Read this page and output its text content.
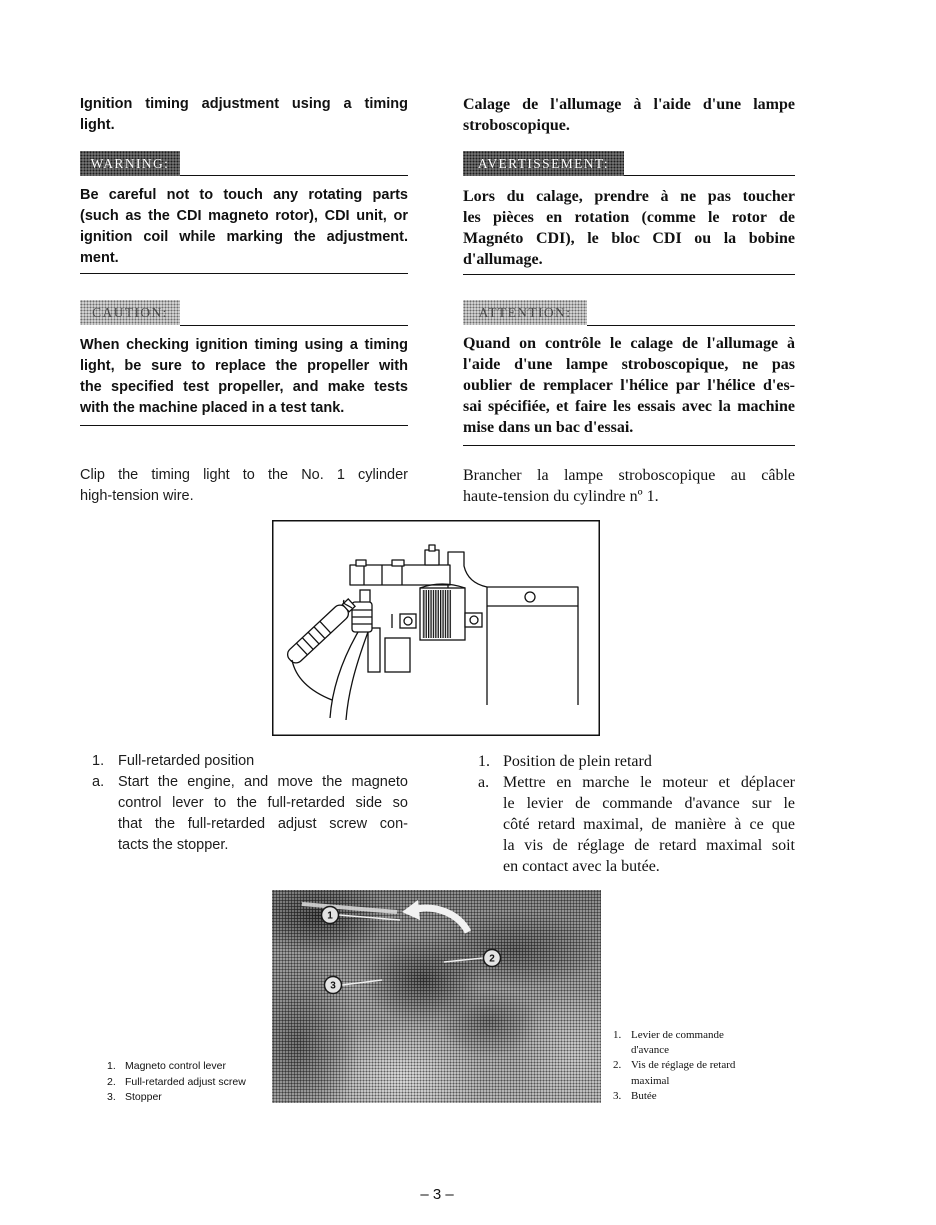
Ignition timing adjustment using a timing
light.
Calage de l'allumage à l'aide d'une lampe
stroboscopique.
WARNING:
Be careful not to touch any rotating parts
(such as the CDI magneto rotor), CDI unit, or
ignition coil while marking the adjustment.
ment.
AVERTISSEMENT:
Lors du calage, prendre à ne pas toucher
les pièces en rotation (comme le rotor de
Magnéto CDI), le bloc CDI ou la bobine
d'allumage.
CAUTION:
When checking ignition timing using a timing
light, be sure to replace the propeller with
the specified test propeller, and make tests
with the machine placed in a test tank.
ATTENTION:
Quand on contrôle le calage de l'allumage à
l'aide d'une lampe stroboscopique, ne pas
oublier de remplacer l'hélice par l'hélice d'es-
sai spécifiée, et faire les essais avec la machine
mise dans un bac d'essai.
Clip the timing light to the No. 1 cylinder
high-tension wire.
Brancher la lampe stroboscopique au câble
haute-tension du cylindre nº 1.
1. Full-retarded position
a. Start the engine, and move the magneto
control lever to the full-retarded side so
that the full-retarded adjust screw con-
tacts the stopper.
1. Position de plein retard
a. Mettre en marche le moteur et déplacer
le levier de commande d'avance sur le
côté retard maximal, de manière à ce que
la vis de réglage de retard maximal soit
en contact avec la butée.
1
2
3
1. Magneto control lever
2. Full-retarded adjust screw
3. Stopper
1. Levier de commande
d'avance
2. Vis de réglage de retard
maximal
3. Butée
– 3 –
